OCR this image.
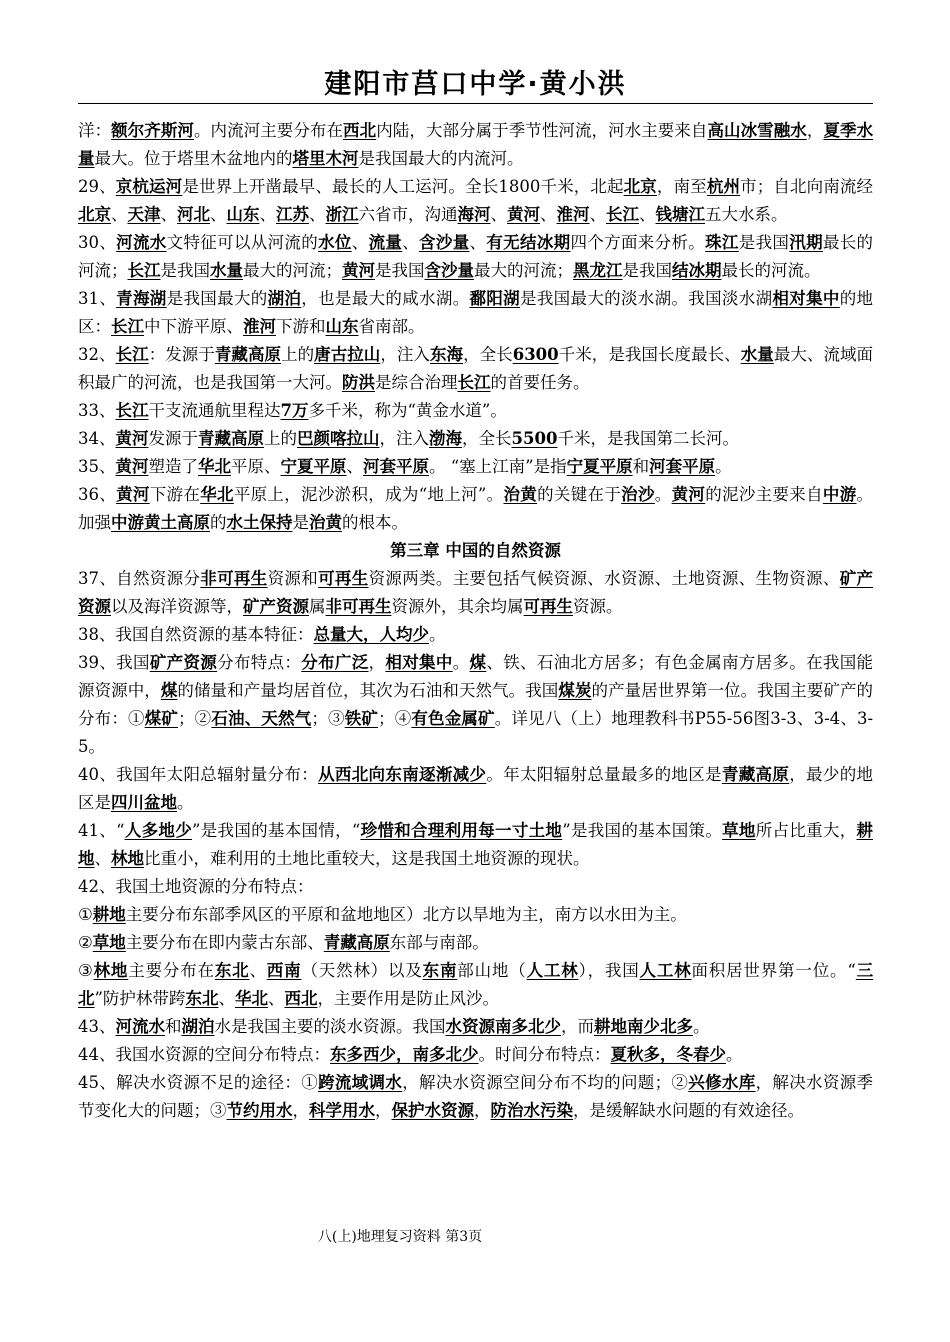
建阳市莒口中学·黄小洪

洋：额尔齐斯河。内流河主要分布在西北内陆，大部分属于季节性河流，河水主要来自高山冰雪融水，夏季水量最大。位于塔里木盆地内的塔里木河是我国最大的内流河。

29、京杭运河是世界上开凿最早、最长的人工运河。全长1800千米，北起北京，南至杭州市；自北向南流经北京、天津、河北、山东、江苏、浙江六省市，沟通海河、黄河、淮河、长江、钱塘江五大水系。

30、河流水文特征可以从河流的水位、流量、含沙量、有无结冰期四个方面来分析。珠江是我国汛期最长的河流；长江是我国水量最大的河流；黄河是我国含沙量最大的河流；黑龙江是我国结冰期最长的河流。

31、青海湖是我国最大的湖泊，也是最大的咸水湖。鄱阳湖是我国最大的淡水湖。我国淡水湖相对集中的地区：长江中下游平原、淮河下游和山东省南部。

32、长江：发源于青藏高原上的唐古拉山，注入东海，全长6300千米，是我国长度最长、水量最大、流域面积最广的河流，也是我国第一大河。防洪是综合治理长江的首要任务。

33、长江干支流通航里程达7万多千米，称为“黄金水道”。

34、黄河发源于青藏高原上的巴颜喀拉山，注入渤海，全长5500千米，是我国第二长河。

35、黄河塑造了华北平原、宁夏平原、河套平原。 “塞上江南”是指宁夏平原和河套平原。

36、黄河下游在华北平原上，泥沙淤积，成为“地上河”。治黄的关键在于治沙。黄河的泥沙主要来自中游。加强中游黄土高原的水土保持是治黄的根本。

第三章 中国的自然资源

37、自然资源分非可再生资源和可再生资源两类。主要包括气候资源、水资源、土地资源、生物资源、矿产资源以及海洋资源等，矿产资源属非可再生资源外，其余均属可再生资源。

38、我国自然资源的基本特征：总量大，人均少。

39、我国矿产资源分布特点：分布广泛，相对集中。煤、铁、石油北方居多；有色金属南方居多。在我国能源资源中，煤的储量和产量均居首位，其次为石油和天然气。我国煤炭的产量居世界第一位。我国主要矿产的分布：①煤矿；②石油、天然气；③铁矿；④有色金属矿。详见八（上）地理教科书P55-56图3-3、3-4、3-5。

40、我国年太阳总辐射量分布：从西北向东南逐渐减少。年太阳辐射总量最多的地区是青藏高原，最少的地区是四川盆地。

41、“人多地少”是我国的基本国情，“珍惜和合理利用每一寸土地”是我国的基本国策。草地所占比重大，耕地、林地比重小，难利用的土地比重较大，这是我国土地资源的现状。

42、我国土地资源的分布特点：

①耕地主要分布东部季风区的平原和盆地地区）北方以旱地为主，南方以水田为主。

②草地主要分布在即内蒙古东部、青藏高原东部与南部。

③林地主要分布在东北、西南（天然林）以及东南部山地（人工林），我国人工林面积居世界第一位。“三北”防护林带跨东北、华北、西北，主要作用是防止风沙。

43、河流水和湖泊水是我国主要的淡水资源。我国水资源南多北少，而耕地南少北多。

44、我国水资源的空间分布特点：东多西少，南多北少。时间分布特点：夏秋多，冬春少。

45、解决水资源不足的途径：①跨流域调水，解决水资源空间分布不均的问题；②兴修水库，解决水资源季节变化大的问题；③节约用水，科学用水，保护水资源，防治水污染，是缓解缺水问题的有效途径。

八(上)地理复习资料 第3页
